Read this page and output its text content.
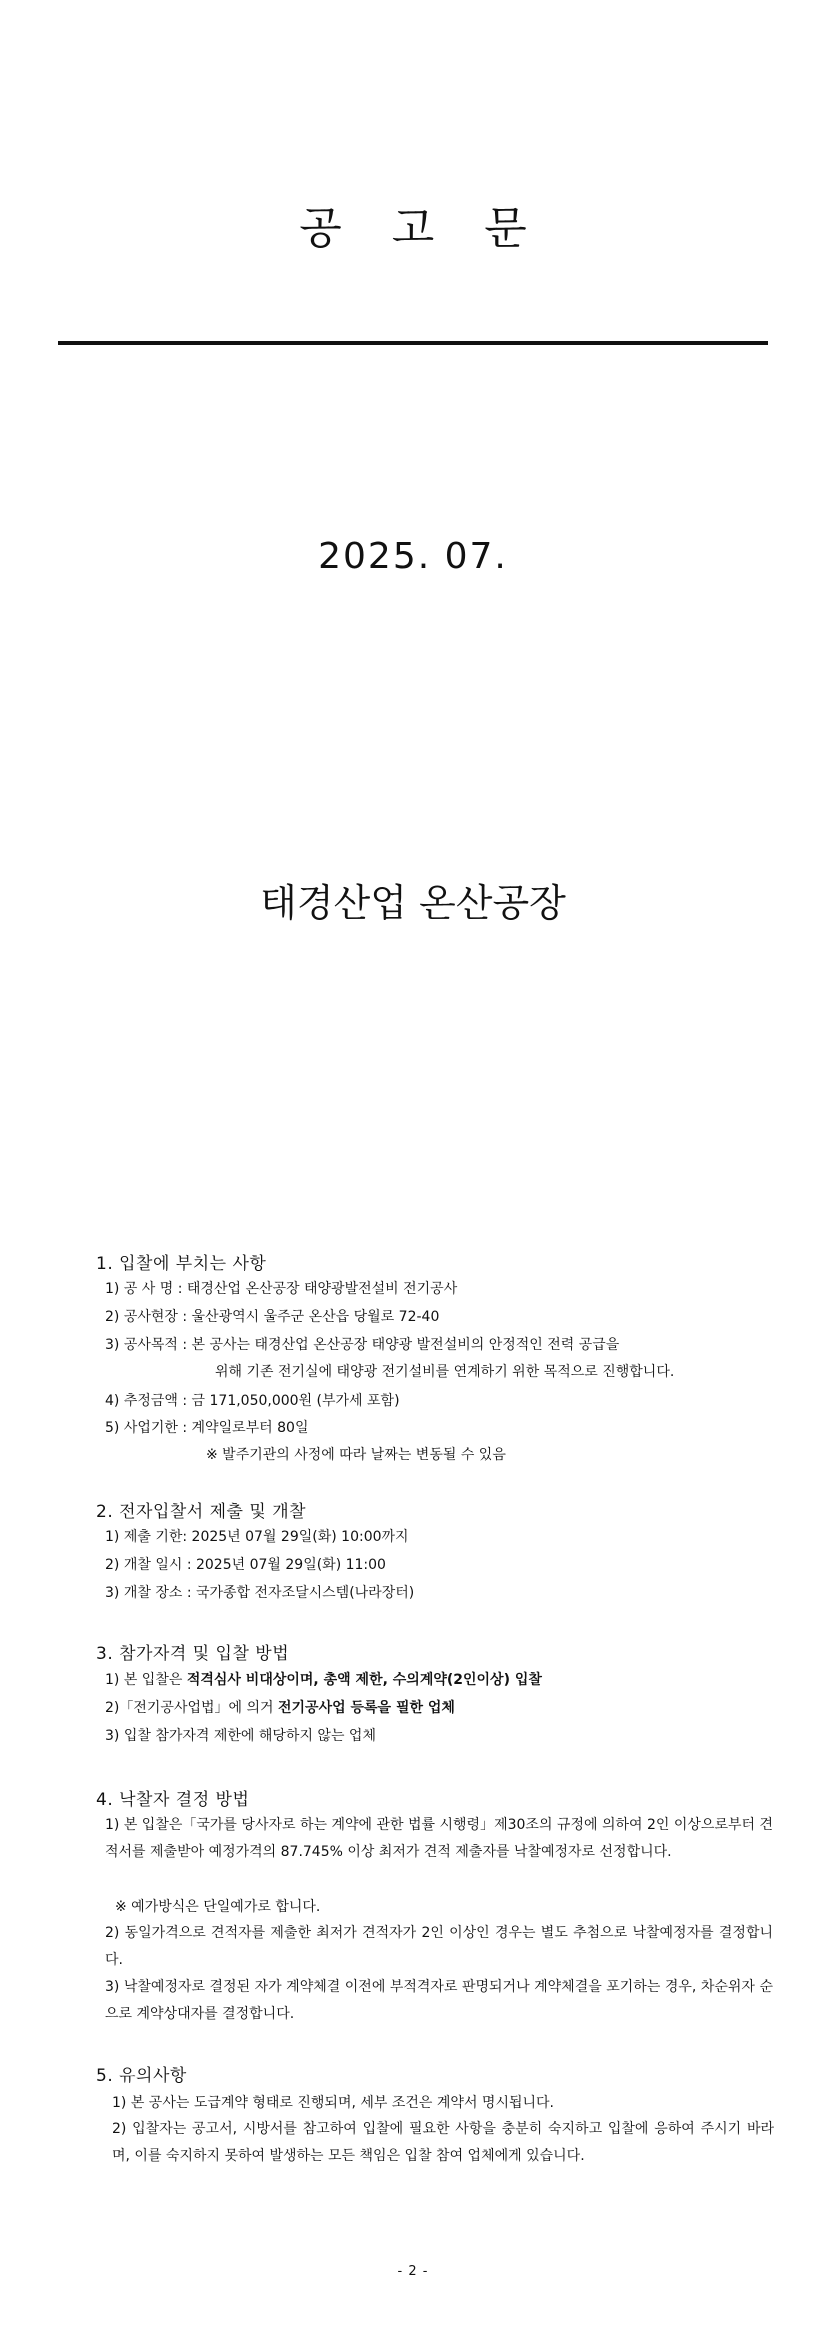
공 고 문
2025. 07.
태경산업 온산공장
1. 입찰에 부치는 사항
1) 공 사 명 : 태경산업 온산공장 태양광발전설비 전기공사
2) 공사현장 : 울산광역시 울주군 온산읍 당월로 72-40
3) 공사목적 : 본 공사는 태경산업 온산공장 태양광 발전설비의 안정적인 전력 공급을
위해 기존 전기실에 태양광 전기설비를 연계하기 위한 목적으로 진행합니다.
4) 추정금액 : 금 171,050,000원 (부가세 포함)
5) 사업기한 : 계약일로부터 80일
※ 발주기관의 사정에 따라 날짜는 변동될 수 있음
2. 전자입찰서 제출 및 개찰
1) 제출 기한: 2025년 07월 29일(화) 10:00까지
2) 개찰 일시 : 2025년 07월 29일(화) 11:00
3) 개찰 장소 : 국가종합 전자조달시스템(나라장터)
3. 참가자격 및 입찰 방법
1) 본 입찰은 적격심사 비대상이며, 총액 제한, 수의계약(2인이상) 입찰
2)「전기공사업법」에 의거 전기공사업 등록을 필한 업체
3) 입찰 참가자격 제한에 해당하지 않는 업체
4. 낙찰자 결정 방법
1) 본 입찰은「국가를 당사자로 하는 계약에 관한 법률 시행령」제30조의 규정에 의하여 2인 이상으로부터 견적서를 제출받아 예정가격의 87.745% 이상 최저가 견적 제출자를 낙찰예정자로 선정합니다.
※ 예가방식은 단일예가로 합니다.
2) 동일가격으로 견적자를 제출한 최저가 견적자가 2인 이상인 경우는 별도 추첨으로 낙찰예정자를 결정합니다.
3) 낙찰예정자로 결정된 자가 계약체결 이전에 부적격자로 판명되거나 계약체결을 포기하는 경우, 차순위자 순으로 계약상대자를 결정합니다.
5. 유의사항
1) 본 공사는 도급계약 형태로 진행되며, 세부 조건은 계약서 명시됩니다.
2) 입찰자는 공고서, 시방서를 참고하여 입찰에 필요한 사항을 충분히 숙지하고 입찰에 응하여 주시기 바라며, 이를 숙지하지 못하여 발생하는 모든 책임은 입찰 참여 업체에게 있습니다.
- 2 -
